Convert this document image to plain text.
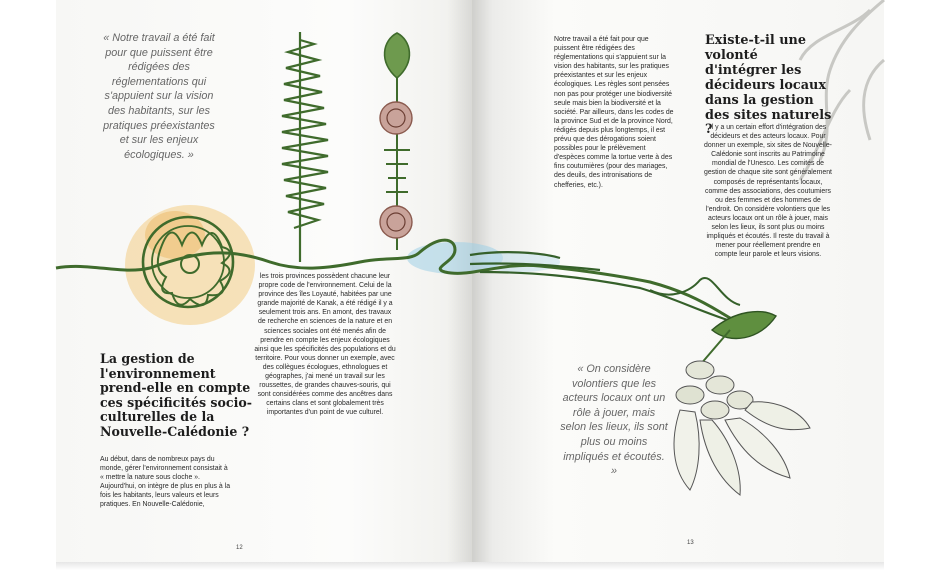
« Notre travail a été fait pour que puissent être rédigées des réglementations qui s'appuient sur la vision des habitants, sur les pratiques préexistantes et sur les enjeux écologiques. »
La gestion de l'environnement prend-elle en compte ces spécificités socio-culturelles de la Nouvelle-Calédonie ?
Au début, dans de nombreux pays du monde, gérer l'environnement consistait à « mettre la nature sous cloche ». Aujourd'hui, on intègre de plus en plus à la fois les habitants, leurs valeurs et leurs pratiques. En Nouvelle-Calédonie,
les trois provinces possèdent chacune leur propre code de l'environnement. Celui de la province des îles Loyauté, habitées par une grande majorité de Kanak, a été rédigé il y a seulement trois ans. En amont, des travaux de recherche en sciences de la nature et en sciences sociales ont été menés afin de prendre en compte les enjeux écologiques ainsi que les spécificités des populations et du territoire. Pour vous donner un exemple, avec des collègues écologues, ethnologues et géographes, j'ai mené un travail sur les roussettes, de grandes chauves-souris, qui sont considérées comme des ancêtres dans certains clans et sont globalement très importantes d'un point de vue culturel.
12
Notre travail a été fait pour que puissent être rédigées des réglementations qui s'appuient sur la vision des habitants, sur les pratiques préexistantes et sur les enjeux écologiques. Les règles sont pensées non pas pour protéger une biodiversité seule mais bien la biodiversité et la société. Par ailleurs, dans les codes de la province Sud et de la province Nord, rédigés depuis plus longtemps, il est prévu que des dérogations soient possibles pour le prélèvement d'espèces comme la tortue verte à des fins coutumières (pour des mariages, des deuils, des intronisations de chefferies, etc.).
Existe-t-il une volonté d'intégrer les décideurs locaux dans la gestion des sites naturels ?
Il y a un certain effort d'intégration des décideurs et des acteurs locaux. Pour donner un exemple, six sites de Nouvelle-Calédonie sont inscrits au Patrimoine mondial de l'Unesco. Les comités de gestion de chaque site sont généralement composés de représentants locaux, comme des associations, des coutumiers ou des femmes et des hommes de l'endroit. On considère volontiers que les acteurs locaux ont un rôle à jouer, mais selon les lieux, ils sont plus ou moins impliqués et écoutés. Il reste du travail à mener pour réellement prendre en compte leur parole et leurs visions.
« On considère volontiers que les acteurs locaux ont un rôle à jouer, mais selon les lieux, ils sont plus ou moins impliqués et écoutés. »
13
